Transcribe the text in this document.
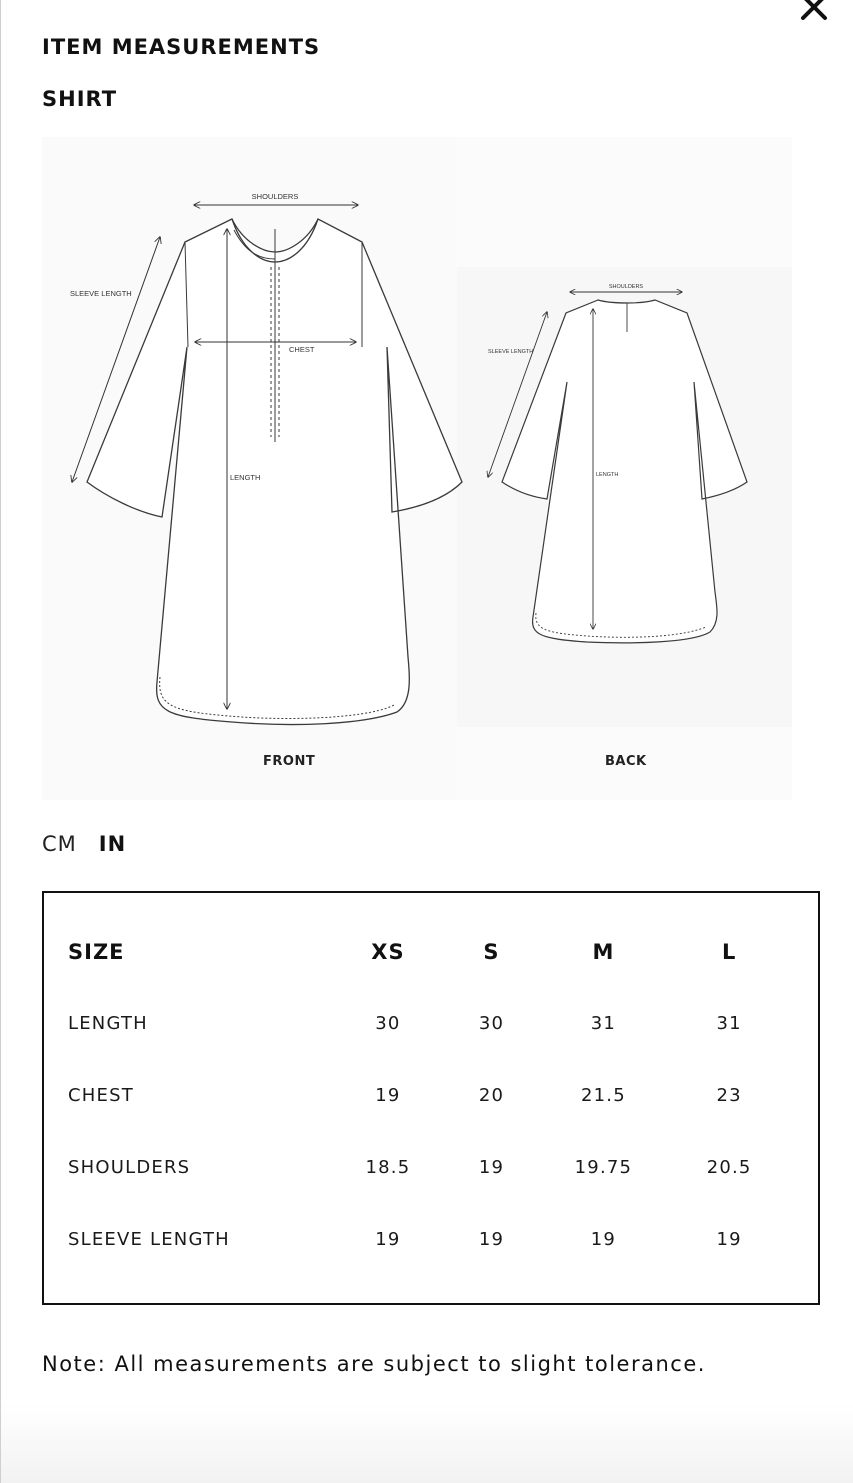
ITEM MEASUREMENTS
SHIRT
SHOULDERS
SLEEVE LENGTH
CHEST
LENGTH
SHOULDERS
SLEEVE LENGTH
LENGTH
FRONT	BACK
CM IN
SIZE	XS	S	M	L
LENGTH	30	30	31	31
CHEST	19	20	21.5	23
SHOULDERS	18.5	19	19.75	20.5
SLEEVE LENGTH	19	19	19	19

Note: All measurements are subject to slight tolerance.
